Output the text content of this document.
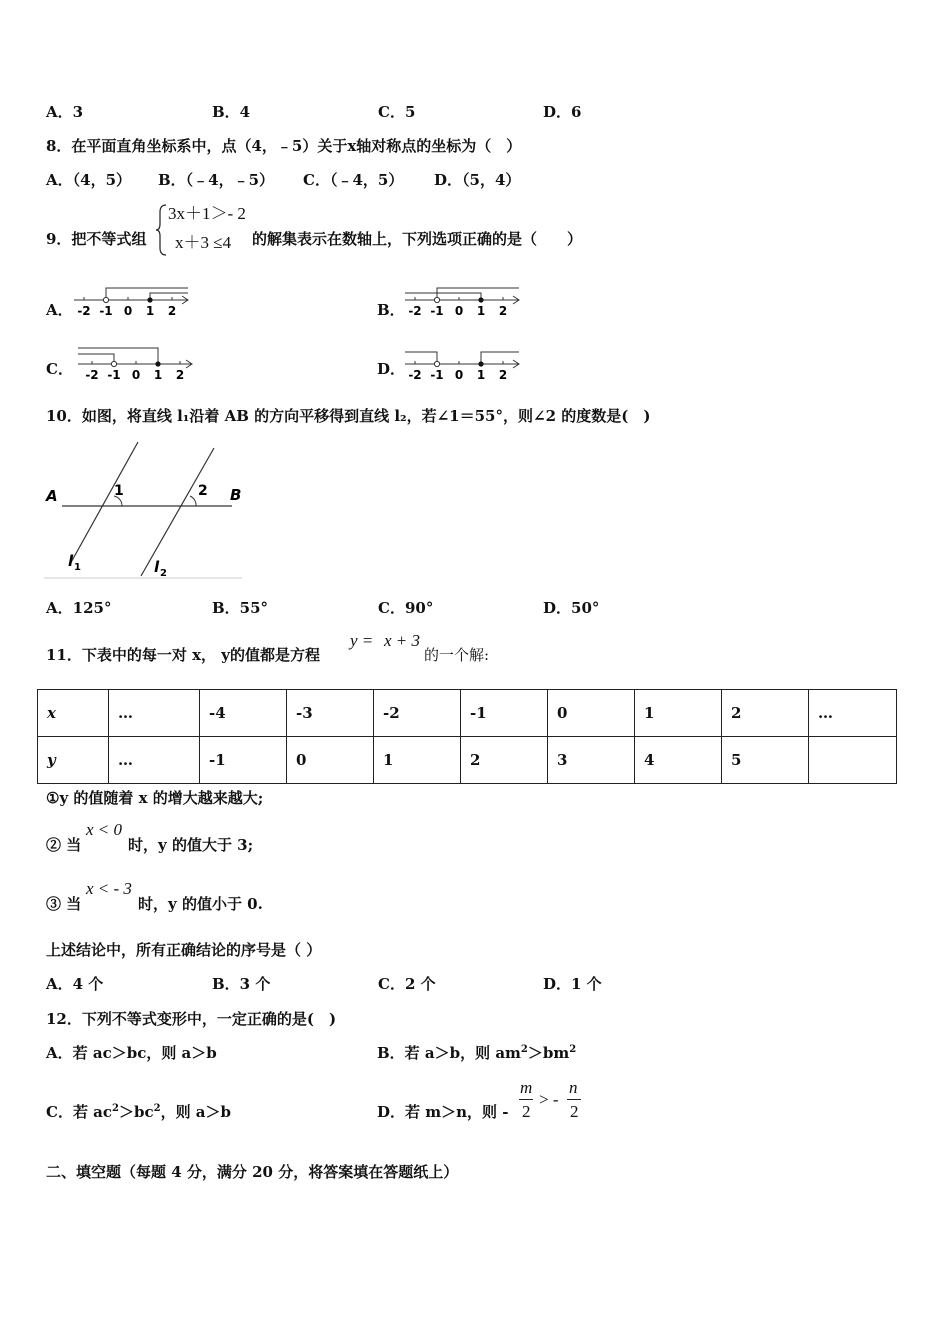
A．3	B．4	C．5	D．6
8．在平面直角坐标系中，点（4，﹣5）关于x轴对称点的坐标为（　）
A．（4，5） B．（﹣4，﹣5） C．（﹣4，5） D．（5，4）
9．把不等式组
3x＋1＞- 2
x＋3 ≤4 的解集表示在数轴上，下列选项正确的是（　　）
A．	B．
C．	D．
-2 -1 0 1 2	-2 -1 0 1 2
-2 -1 0 1 2	-2 -1 0 1 2
10．如图，将直线 l₁沿着 AB 的方向平移得到直线 l₂，若∠1＝55°，则∠2 的度数是(　)
A	B
1	2
l 1	l 2
A．125°	B．55°	C．90°	D．50°
11．下表中的每一对 x， y的值都是方程
y = x + 3
的一个解:
x	…	-4	-3	-2	-1	0	1	2	…
y	…	-1	0	1	2	3	4	5	
①y 的值随着 x 的增大越来越大;
② 当
x < 0
时，y 的值大于 3;
③ 当
x < - 3
时，y 的值小于 0.
上述结论中，所有正确结论的序号是（ ）
A．4 个	B．3 个	C．2 个	D．1 个
12．下列不等式变形中，一定正确的是(　)
A．若 ac＞bc，则 a＞b	B．若 a＞b，则 $am^2>bm^2$
C．若 $ac^2>bc^2$，则 a＞b	D．若 m＞n，则 -
m
2
> -
n
2
二、填空题（每题 4 分，满分 20 分，将答案填在答题纸上）
